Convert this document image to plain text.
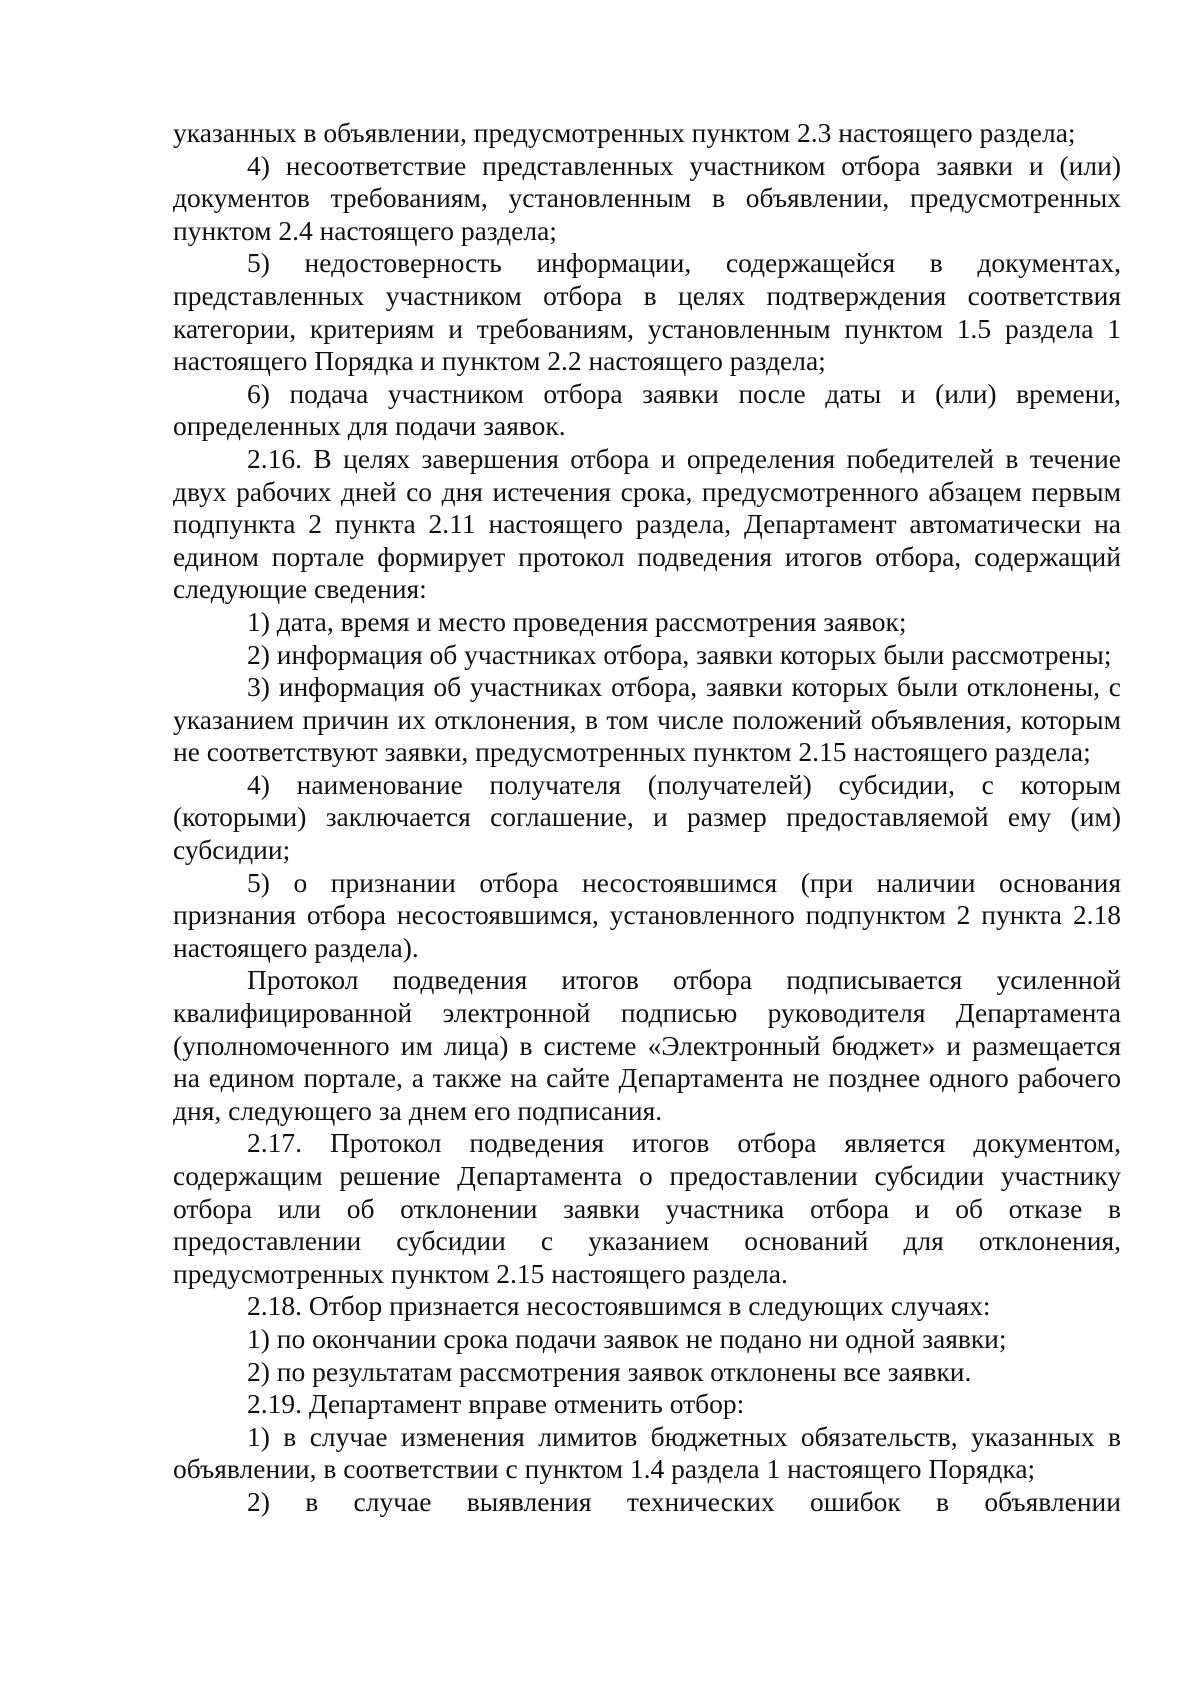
указанных в объявлении, предусмотренных пунктом 2.3 настоящего раздела;

4) несоответствие представленных участником отбора заявки и (или) документов требованиям, установленным в объявлении, предусмотренных пунктом 2.4 настоящего раздела;

5) недостоверность информации, содержащейся в документах, представленных участником отбора в целях подтверждения соответствия категории, критериям и требованиям, установленным пунктом 1.5 раздела 1 настоящего Порядка и пунктом 2.2 настоящего раздела;

6) подача участником отбора заявки после даты и (или) времени, определенных для подачи заявок.

2.16. В целях завершения отбора и определения победителей в течение двух рабочих дней со дня истечения срока, предусмотренного абзацем первым подпункта 2 пункта 2.11 настоящего раздела, Департамент автоматически на едином портале формирует протокол подведения итогов отбора, содержащий следующие сведения:

1) дата, время и место проведения рассмотрения заявок;

2) информация об участниках отбора, заявки которых были рассмотрены;

3) информация об участниках отбора, заявки которых были отклонены, с указанием причин их отклонения, в том числе положений объявления, которым не соответствуют заявки, предусмотренных пунктом 2.15 настоящего раздела;

4) наименование получателя (получателей) субсидии, с которым (которыми) заключается соглашение, и размер предоставляемой ему (им) субсидии;

5) о признании отбора несостоявшимся (при наличии основания признания отбора несостоявшимся, установленного подпунктом 2 пункта 2.18 настоящего раздела).

Протокол подведения итогов отбора подписывается усиленной квалифицированной электронной подписью руководителя Департамента (уполномоченного им лица) в системе «Электронный бюджет» и размещается на едином портале, а также на сайте Департамента не позднее одного рабочего дня, следующего за днем его подписания.

2.17. Протокол подведения итогов отбора является документом, содержащим решение Департамента о предоставлении субсидии участнику отбора или об отклонении заявки участника отбора и об отказе в предоставлении субсидии с указанием оснований для отклонения, предусмотренных пунктом 2.15 настоящего раздела.

2.18. Отбор признается несостоявшимся в следующих случаях:

1) по окончании срока подачи заявок не подано ни одной заявки;

2) по результатам рассмотрения заявок отклонены все заявки.

2.19. Департамент вправе отменить отбор:

1) в случае изменения лимитов бюджетных обязательств, указанных в объявлении, в соответствии с пунктом 1.4 раздела 1 настоящего Порядка;

2) в случае выявления технических ошибок в объявлении
